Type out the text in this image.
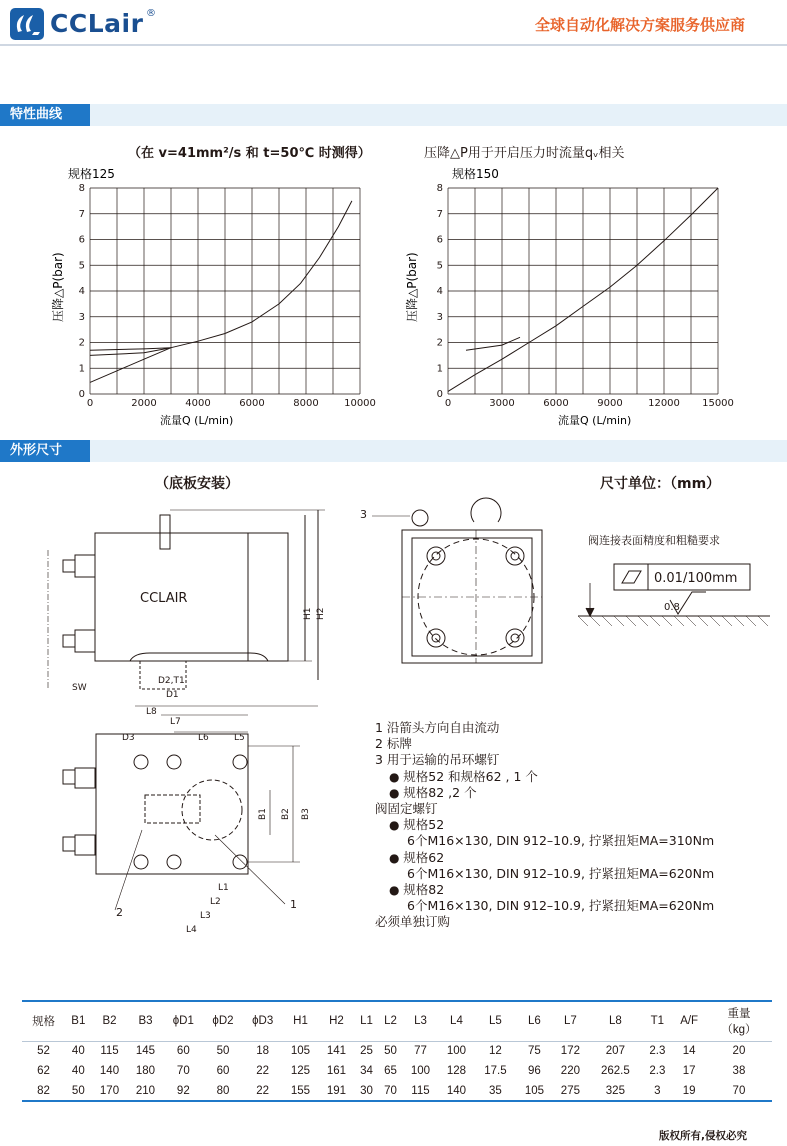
CCLair ®
全球自动化解决方案服务供应商
特性曲线
（在 v=41mm²/s 和 t=50℃ 时测得）	压降△P用于开启压力时流量qᵥ相关
规格125
压降△P(bar)
流量Q (L/min)
0	2000	4000	6000	8000	10000
0
1
2
3
4
5
6
7
8
规格150
压降△P(bar)
流量Q (L/min)
0	3000	6000	9000	12000 15000
0
1
2
3
4
5
6
7
8
外形尺寸
（底板安装）	尺寸单位：（mm）
CCLAIR
H1 H2
SW
D2,T1
D1
L8
L7
D3	L6	L5
B1 B2 B3
L1
L2
L3
L4
2
1
3
阀连接表面精度和粗糙要求
0.01/100mm
0.8
1 沿箭头方向自由流动
2 标牌
3 用于运输的吊环螺钉
● 规格52 和规格62 , 1 个
● 规格82 ,2 个
阀固定螺钉
● 规格52
6个M16×130, DIN 912–10.9, 拧紧扭矩MA=310Nm
● 规格62
6个M16×130, DIN 912–10.9, 拧紧扭矩MA=620Nm
● 规格82
6个M16×130, DIN 912–10.9, 拧紧扭矩MA=620Nm
必须单独订购
规格	B1	B2	B3	ϕD1	ϕD2	ϕD3	H1	H2	L1	L2	L3	L4	L5	L6	L7	L8	T1	A/F	重量
（kg）
52	40	115	145	60	50	18	105	141	25	50	77	100	12	75	172	207	2.3	14	20
62	40	140	180	70	60	22	125	161	34	65	100	128	17.5	96	220	262.5	2.3	17	38
82	50	170	210	92	80	22	155	191	30	70	115	140	35	105	275	325	3	19	70
版权所有,侵权必究
